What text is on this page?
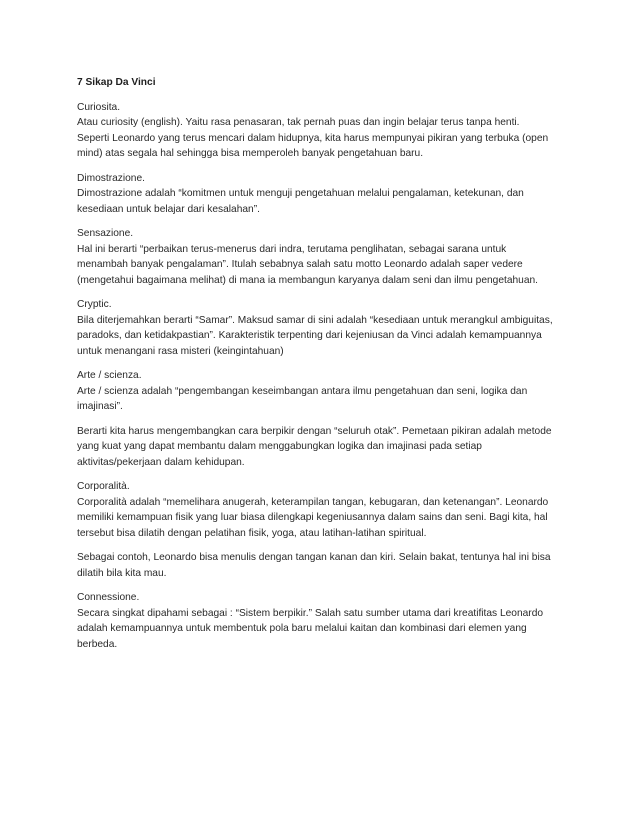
7 Sikap Da Vinci

Curiosita.

Atau curiosity (english). Yaitu rasa penasaran, tak pernah puas dan ingin belajar terus tanpa henti.

Seperti Leonardo yang terus mencari dalam hidupnya, kita harus mempunyai pikiran yang terbuka (open

mind) atas segala hal sehingga bisa memperoleh banyak pengetahuan baru.

Dimostrazione.

Dimostrazione adalah “komitmen untuk menguji pengetahuan melalui pengalaman, ketekunan, dan

kesediaan untuk belajar dari kesalahan”.

Sensazione.

Hal ini berarti “perbaikan terus-menerus dari indra, terutama penglihatan, sebagai sarana untuk

menambah banyak pengalaman”. Itulah sebabnya salah satu motto Leonardo adalah saper vedere

(mengetahui bagaimana melihat) di mana ia membangun karyanya dalam seni dan ilmu pengetahuan.

Cryptic.

Bila diterjemahkan berarti “Samar”. Maksud samar di sini adalah “kesediaan untuk merangkul ambiguitas,

paradoks, dan ketidakpastian”. Karakteristik terpenting dari kejeniusan da Vinci adalah kemampuannya

untuk menangani rasa misteri (keingintahuan)

Arte / scienza.

Arte / scienza adalah “pengembangan keseimbangan antara ilmu pengetahuan dan seni, logika dan

imajinasi”.

Berarti kita harus mengembangkan cara berpikir dengan “seluruh otak”. Pemetaan pikiran adalah metode

yang kuat yang dapat membantu dalam menggabungkan logika dan imajinasi pada setiap

aktivitas/pekerjaan dalam kehidupan.

Corporalità.

Corporalità adalah “memelihara anugerah, keterampilan tangan, kebugaran, dan ketenangan”. Leonardo

memiliki kemampuan fisik yang luar biasa dilengkapi kegeniusannya dalam sains dan seni. Bagi kita, hal

tersebut bisa dilatih dengan pelatihan fisik, yoga, atau latihan-latihan spiritual.

Sebagai contoh, Leonardo bisa menulis dengan tangan kanan dan kiri. Selain bakat, tentunya hal ini bisa

dilatih bila kita mau.

Connessione.

Secara singkat dipahami sebagai : “Sistem berpikir.” Salah satu sumber utama dari kreatifitas Leonardo

adalah kemampuannya untuk membentuk pola baru melalui kaitan dan kombinasi dari elemen yang

berbeda.
